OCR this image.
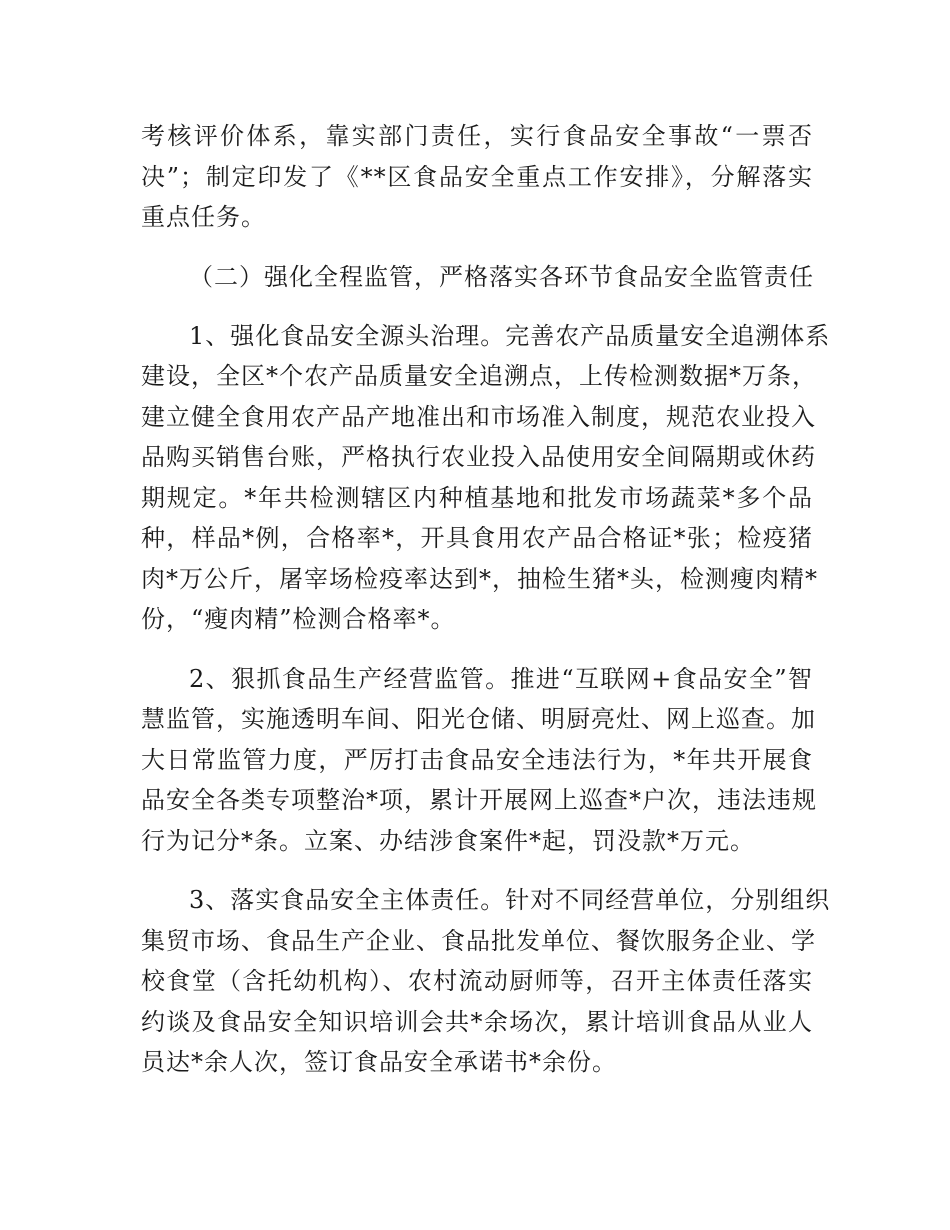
考核评价体系，靠实部门责任，实行食品安全事故“一票否
决”；制定印发了《**区食品安全重点工作安排》，分解落实
重点任务。

（二）强化全程监管，严格落实各环节食品安全监管责任

1、强化食品安全源头治理。完善农产品质量安全追溯体系
建设，全区*个农产品质量安全追溯点，上传检测数据*万条，
建立健全食用农产品产地准出和市场准入制度，规范农业投入
品购买销售台账，严格执行农业投入品使用安全间隔期或休药
期规定。*年共检测辖区内种植基地和批发市场蔬菜*多个品
种，样品*例，合格率*，开具食用农产品合格证*张；检疫猪
肉*万公斤，屠宰场检疫率达到*，抽检生猪*头，检测瘦肉精*
份，“瘦肉精”检测合格率*。

2、狠抓食品生产经营监管。推进“互联网+食品安全”智
慧监管，实施透明车间、阳光仓储、明厨亮灶、网上巡查。加
大日常监管力度，严厉打击食品安全违法行为，*年共开展食
品安全各类专项整治*项，累计开展网上巡查*户次，违法违规
行为记分*条。立案、办结涉食案件*起，罚没款*万元。

3、落实食品安全主体责任。针对不同经营单位，分别组织
集贸市场、食品生产企业、食品批发单位、餐饮服务企业、学
校食堂（含托幼机构）、农村流动厨师等，召开主体责任落实
约谈及食品安全知识培训会共*余场次，累计培训食品从业人
员达*余人次，签订食品安全承诺书*余份。
